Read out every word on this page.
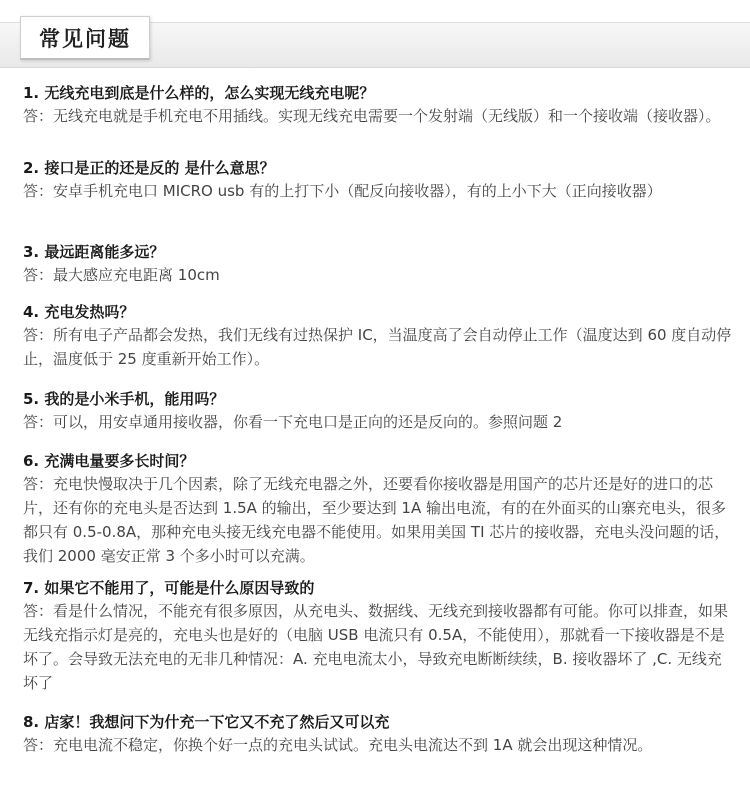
常见问题
1. 无线充电到底是什么样的，怎么实现无线充电呢？
答：无线充电就是手机充电不用插线。实现无线充电需要一个发射端（无线版）和一个接收端（接收器）。
2. 接口是正的还是反的 是什么意思？
答：安卓手机充电口 MICRO usb 有的上打下小（配反向接收器），有的上小下大（正向接收器）
3. 最远距离能多远？
答：最大感应充电距离 10cm
4. 充电发热吗？
答：所有电子产品都会发热，我们无线有过热保护 IC，当温度高了会自动停止工作（温度达到 60 度自动停止，温度低于 25 度重新开始工作）。
5. 我的是小米手机，能用吗？
答：可以，用安卓通用接收器，你看一下充电口是正向的还是反向的。参照问题 2
6. 充满电量要多长时间？
答：充电快慢取决于几个因素，除了无线充电器之外，还要看你接收器是用国产的芯片还是好的进口的芯片，还有你的充电头是否达到 1.5A 的输出，至少要达到 1A 输出电流，有的在外面买的山寨充电头，很多都只有 0.5-0.8A，那种充电头接无线充电器不能使用。如果用美国 TI 芯片的接收器，充电头没问题的话，我们 2000 毫安正常 3 个多小时可以充满。
7. 如果它不能用了，可能是什么原因导致的
答：看是什么情况，不能充有很多原因，从充电头、数据线、无线充到接收器都有可能。你可以排查，如果无线充指示灯是亮的，充电头也是好的（电脑 USB 电流只有 0.5A，不能使用），那就看一下接收器是不是坏了。会导致无法充电的无非几种情况：A. 充电电流太小，导致充电断断续续，B. 接收器坏了 ,C. 无线充坏了
8. 店家！我想问下为什充一下它又不充了然后又可以充
答：充电电流不稳定，你换个好一点的充电头试试。充电头电流达不到 1A 就会出现这种情况。
